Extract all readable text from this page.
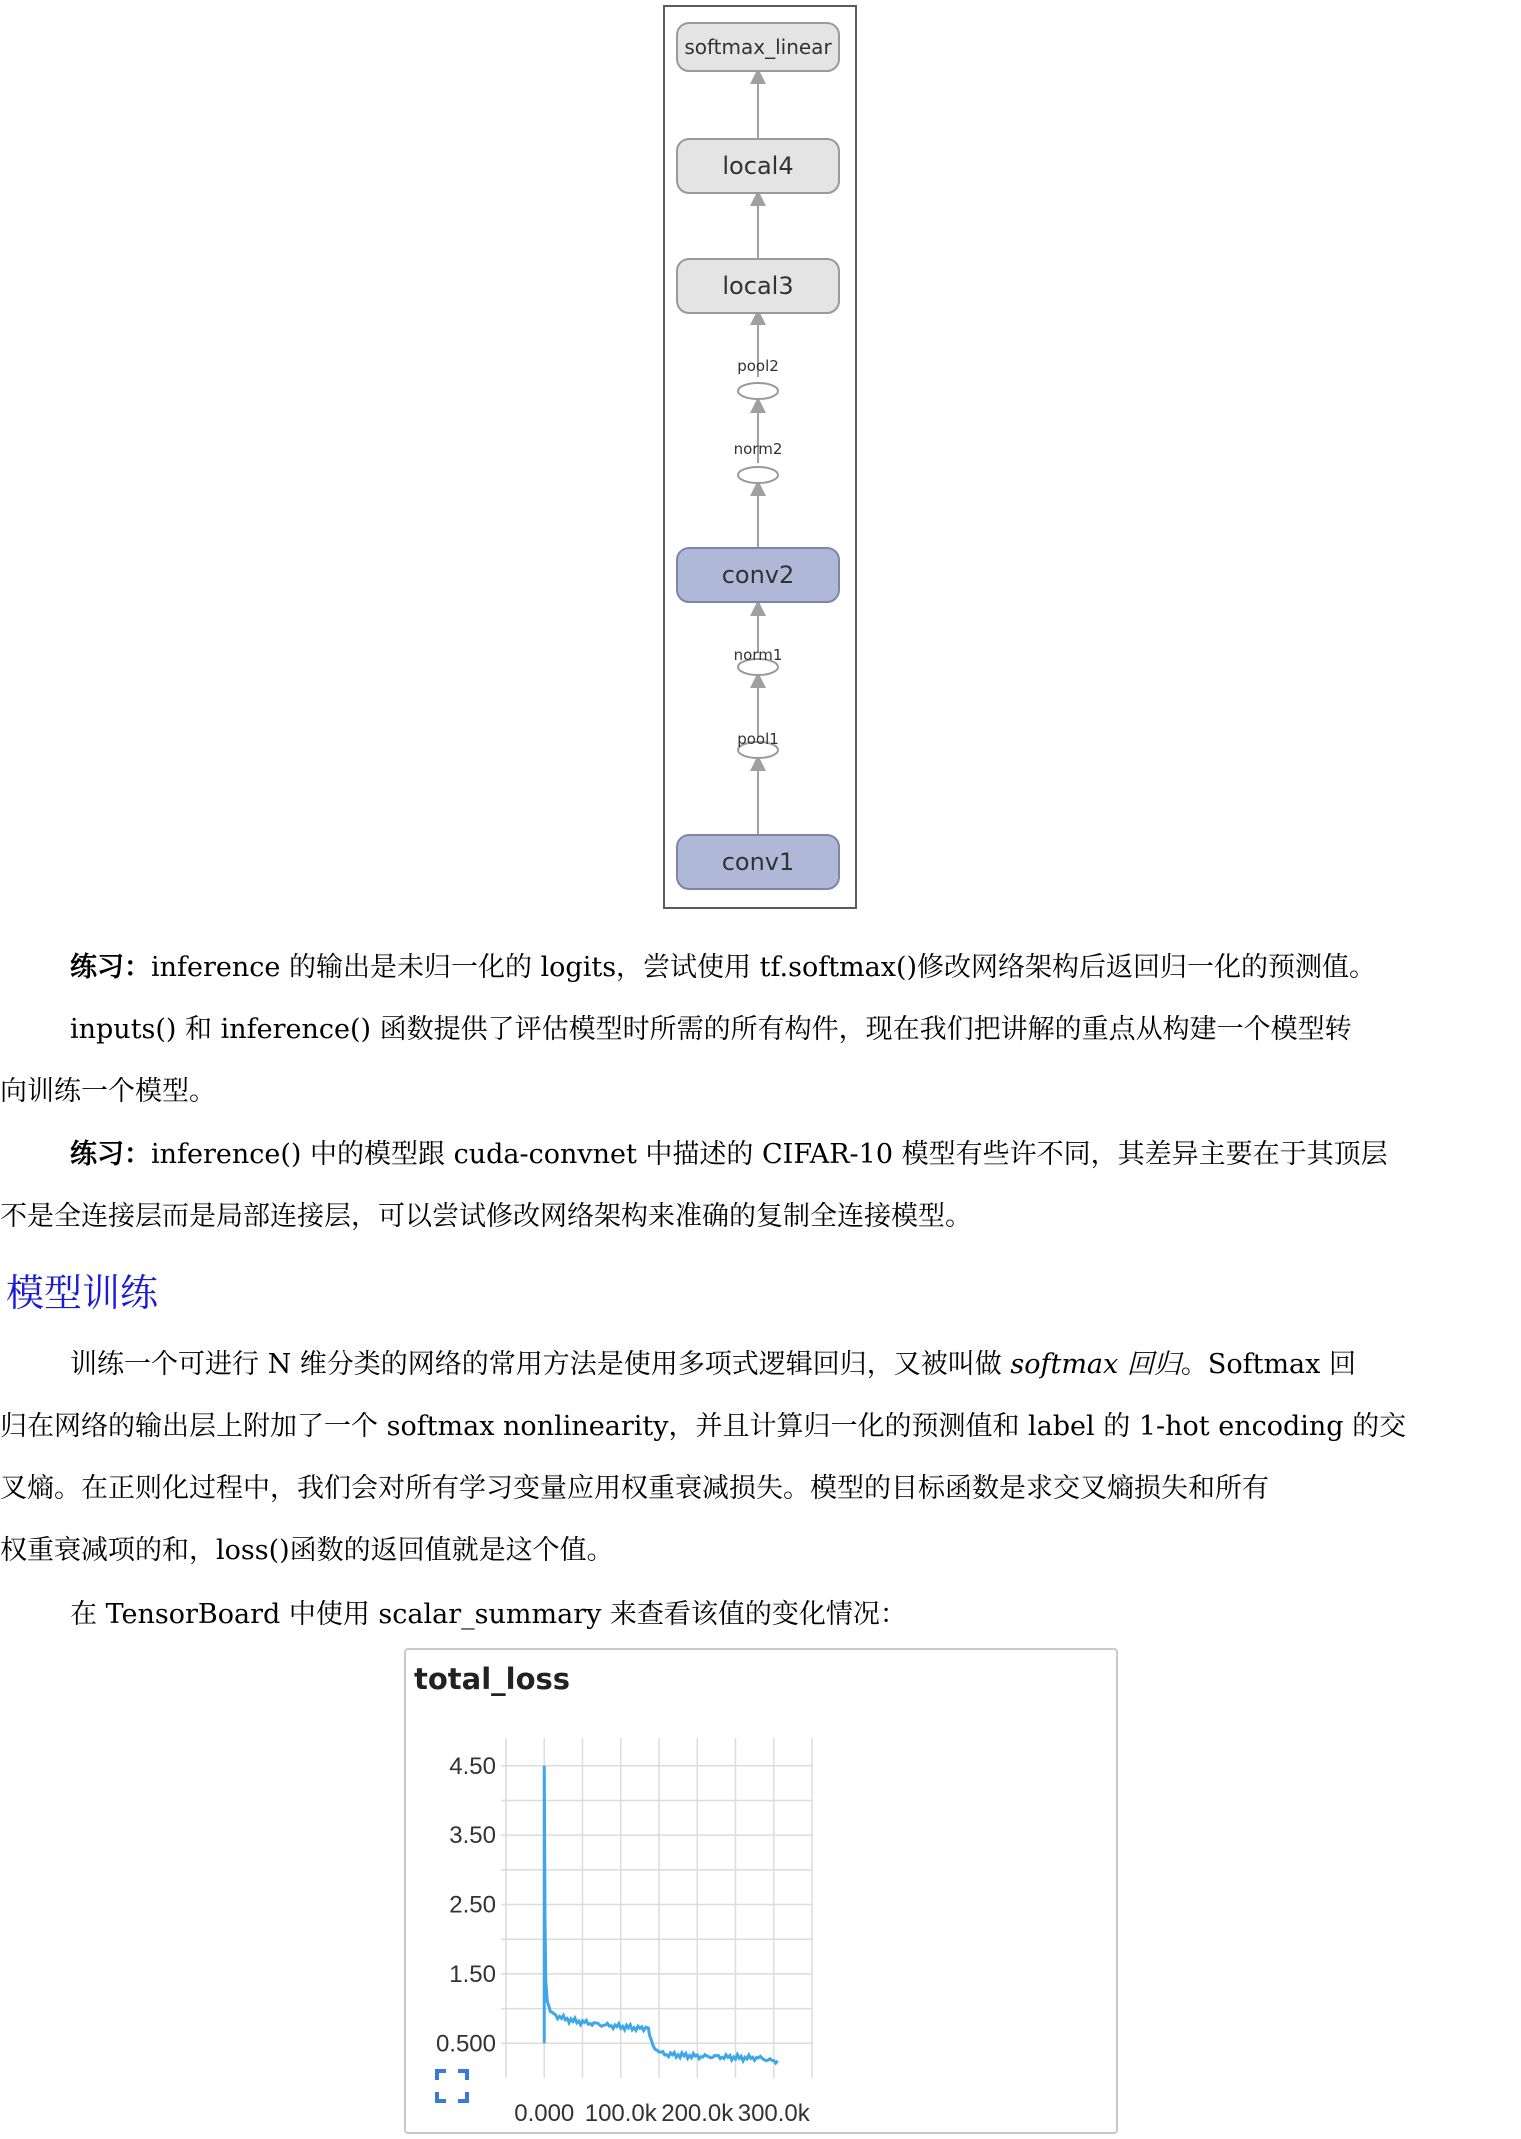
softmax_linear
local4
local3
pool2
norm2
conv2
norm1
pool1
conv1
练习：inference 的输出是未归一化的 logits，尝试使用 tf.softmax()修改网络架构后返回归一化的预测值。
inputs() 和 inference() 函数提供了评估模型时所需的所有构件，现在我们把讲解的重点从构建一个模型转
向训练一个模型。
练习：inference() 中的模型跟 cuda-convnet 中描述的 CIFAR-10 模型有些许不同，其差异主要在于其顶层
不是全连接层而是局部连接层，可以尝试修改网络架构来准确的复制全连接模型。
模型训练
训练一个可进行 N 维分类的网络的常用方法是使用多项式逻辑回归，又被叫做 softmax 回归。Softmax 回
归在网络的输出层上附加了一个 softmax nonlinearity，并且计算归一化的预测值和 label 的 1-hot encoding 的交
叉熵。在正则化过程中，我们会对所有学习变量应用权重衰减损失。模型的目标函数是求交叉熵损失和所有
权重衰减项的和，loss()函数的返回值就是这个值。
在 TensorBoard 中使用 scalar_summary 来查看该值的变化情况：
total_loss
4.50
3.50
2.50
1.50
0.500
0.000 100.0k 200.0k 300.0k
